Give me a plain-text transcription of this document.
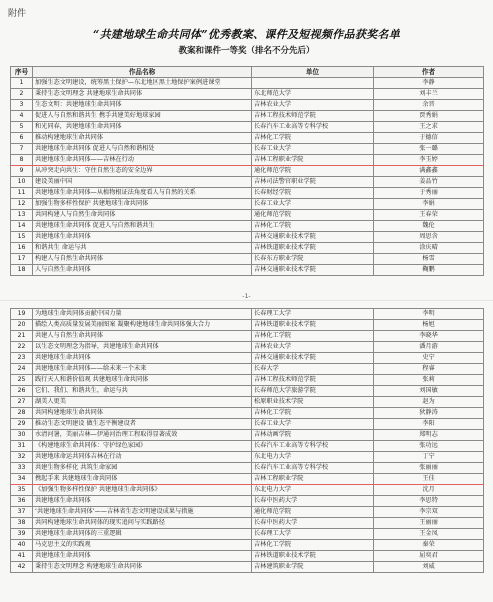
附件
“共建地球生命共同体”优秀教案、课件及短视频作品获奖名单
教案和课件一等奖（排名不分先后）
序号	作品名称	单位	作者
1	加强生态文明建设，统筹黑土保护—东北地区黑土地保护案例进课堂		李静
2	秉持生态文明理念 共建地球生命共同体	东北师范大学	刘丰兰
3	生态文明：共建地球生命共同体	吉林农业大学	余晋
4	促进人与自然和谐共生 携手共建美好地球家园	吉林工程技术师范学院	贾秀娟
5	和光同春，共建地球生命共同体	长春汽车工业高等专科学校	王之求
6	推动构建地球生命共同体	吉林化工学院	于德信
7	共建地球生命共同体 促进人与自然和谐相处	长春工业大学	张一璐
8	共建地球生命共同体——吉林在行动	吉林工程职业学院	李玉婷
9	从冲突走向共生：守住自然生态的安全边界	通化师范学院	满鑫鑫
10	建设美丽中国	吉林司法警官职业学院	姜品竹
11	共建地球生命共同体—从植物根证法角度看人与自然的关系	长春财经学院	于秀丽
12	加强生物多样性保护 共建地球生命共同体	长春工业大学	李娟
13	共同构建人与自然生命共同体	通化师范学院	王春荣
14	共建地球生命共同体 促进人与自然和谐共生	吉林化工学院	魏伦
15	共建地球生命共同体	吉林交通职业技术学院	周思含
16	和谐共生 命运与共	吉林铁道职业技术学院	涂庆晴
17	构建人与自然生命共同体	长春东方职业学院	杨雪
18	人与自然生命共同体	吉林交通职业技术学院	鞠鹏
-1-
19	为地球生命共同体贡献中国力量	长春理工大学	李明
20	描绘人类高质量发展美丽图案 凝聚构建地球生命共同体强大合力	吉林铁道职业技术学院	杨旭
21	共建人与自然生命共同体	吉林化工学院	李晓华
22	以生态文明理念为指导，共建地球生命共同体	吉林农业大学	潘月游
23	共建地球生命共同体	吉林交通职业技术学院	史宁
24	共建地球生命共同体——给未来一个未来	长春大学	程睿
25	践行天人和谐价值观 共建地球生命共同体	吉林工程技术师范学院	张莉
26	它们、我们、和谐共生，命运与共	长春师范大学旅游学院	刘国敏
27	湖美人更美	松原职业技术学院	赵为
28	共同构建地球生命共同体	吉林化工学院	狄静涛
29	推动生态文明建设 做生态平衡建设者	长春工业大学	李阳
30	水清河暑，美丽吉林—伊通河治理工程取得显著成效	吉林动画学院	郑明志
31	《构建地球生命共同体：守护绿色家园》	长春汽车工业高等专科学校	张功远
32	共建地球命运共同体吉林在行动	东北电力大学	丁宁
33	共建生物多样化 共筑生命家园	长春汽车工业高等专科学校	张丽丽
34	携起手来 共建地球生命共同体	吉林工程职业学院	王佳
35	《加强生物多样性保护 共建地球生命共同体》	东北电力大学	沈月
36	共建地球生命共同体	长春中医药大学	李思特
37	‘共建地球生命共同体’——吉林省生态文明建设成果与措施	通化师范学院	李宗双
38	共同构建地球生命共同体的现实追问与实践路径	长春中医药大学	王丽丽
39	共建地球生命共同体的三重逻辑	长春理工大学	王金凤
40	马克思主义的实践观	吉林化工学院	秦荣
41	共建地球生命共同体	吉林铁道职业技术学院	屈奕君
42	秉持生态文明理念 构建地球生命共同体	吉林建筑职业学院	刘威
